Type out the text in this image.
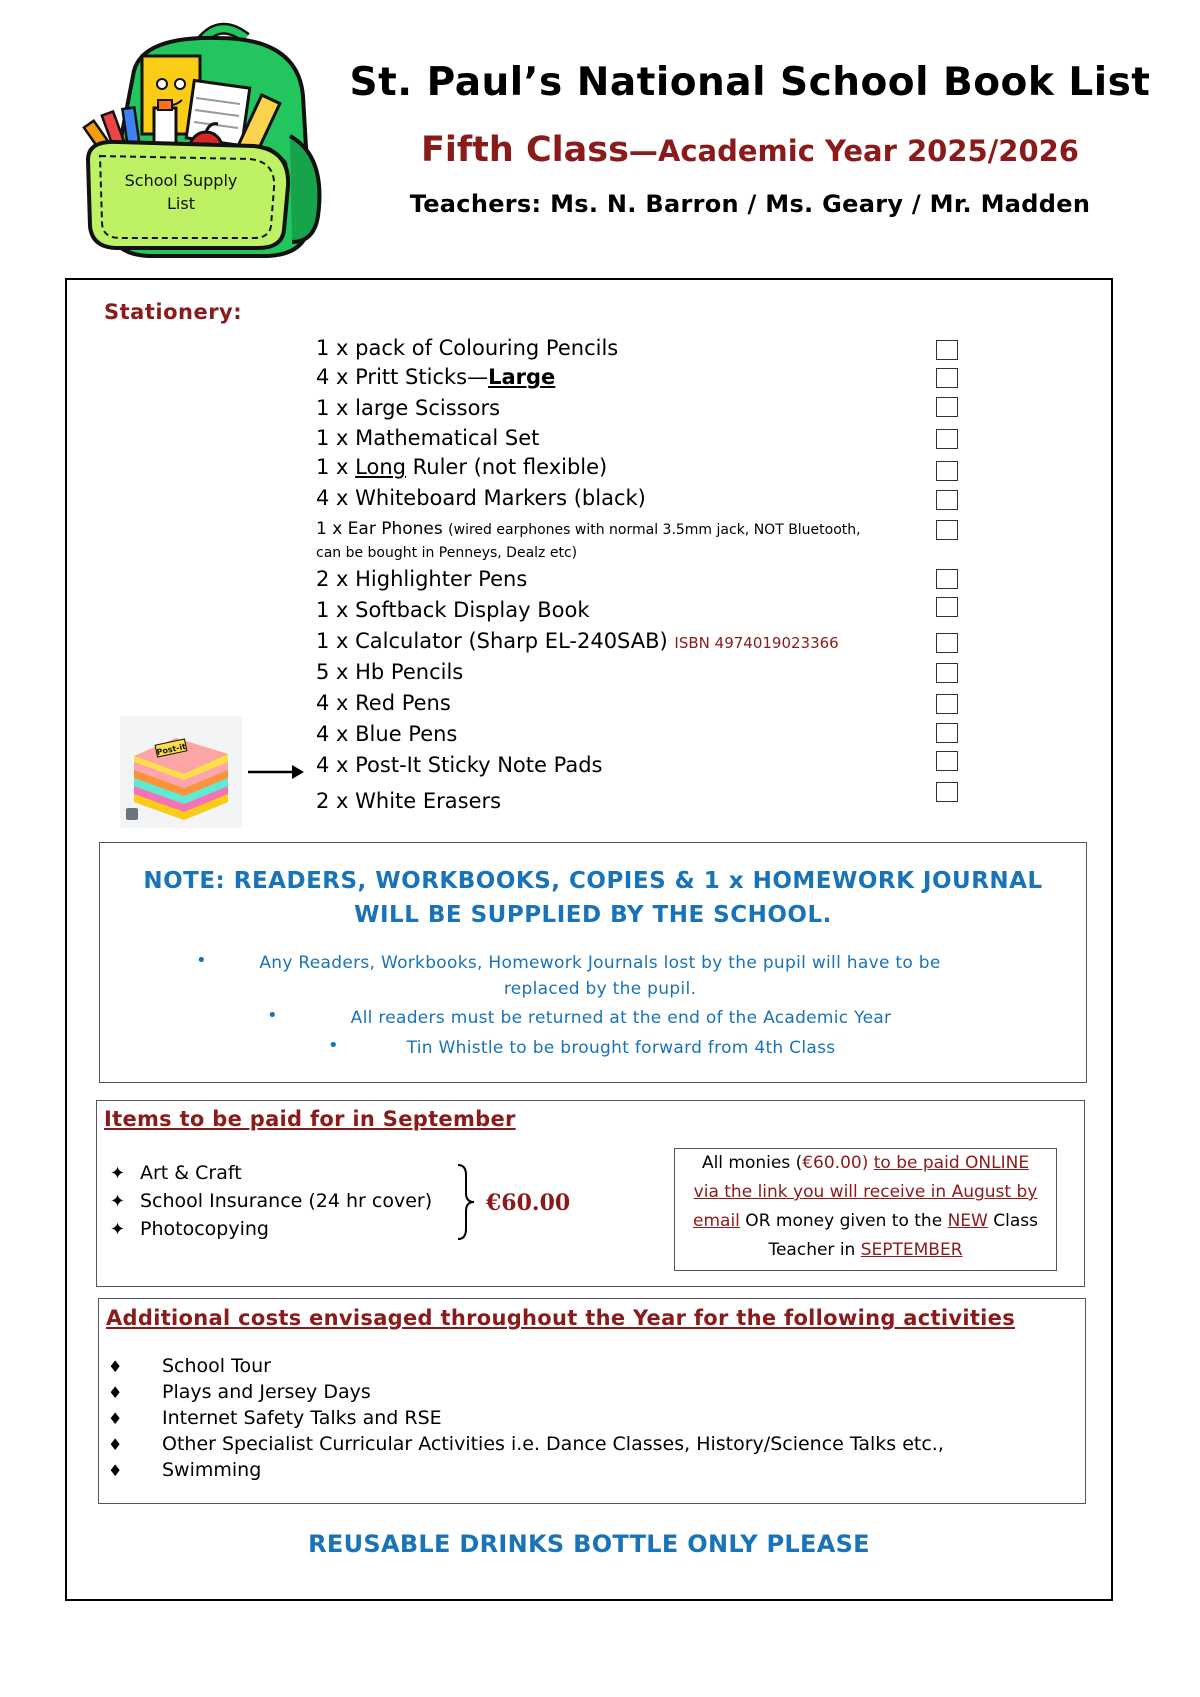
School Supply
List
St. Paul’s National School Book List
Fifth Class—Academic Year 2025/2026
Teachers: Ms. N. Barron / Ms. Geary / Mr. Madden
Stationery:
1 x pack of Colouring Pencils
4 x Pritt Sticks—Large
1 x large Scissors
1 x Mathematical Set
1 x Long Ruler (not flexible)
4 x Whiteboard Markers (black)
1 x Ear Phones (wired earphones with normal 3.5mm jack, NOT Bluetooth,
can be bought in Penneys, Dealz etc)
2 x Highlighter Pens
1 x Softback Display Book
1 x Calculator (Sharp EL-240SAB) ISBN 4974019023366
5 x Hb Pencils
4 x Red Pens
4 x Blue Pens
4 x Post-It Sticky Note Pads
2 x White Erasers
Post-it
NOTE: READERS, WORKBOOKS, COPIES & 1 x HOMEWORK JOURNAL
WILL BE SUPPLIED BY THE SCHOOL.
•	Any Readers, Workbooks, Homework Journals lost by the pupil will have to be
replaced by the pupil.
•	All readers must be returned at the end of the Academic Year
•	Tin Whistle to be brought forward from 4th Class
Items to be paid for in September
✦ Art & Craft
✦ School Insurance (24 hr cover)
✦ Photocopying
€60.00
All monies (€60.00) to be paid ONLINE
via the link you will receive in August by
email OR money given to the NEW Class
Teacher in SEPTEMBER
Additional costs envisaged throughout the Year for the following activities
♦ School Tour
♦ Plays and Jersey Days
♦ Internet Safety Talks and RSE
♦ Other Specialist Curricular Activities i.e. Dance Classes, History/Science Talks etc.,
♦ Swimming
REUSABLE DRINKS BOTTLE ONLY PLEASE
